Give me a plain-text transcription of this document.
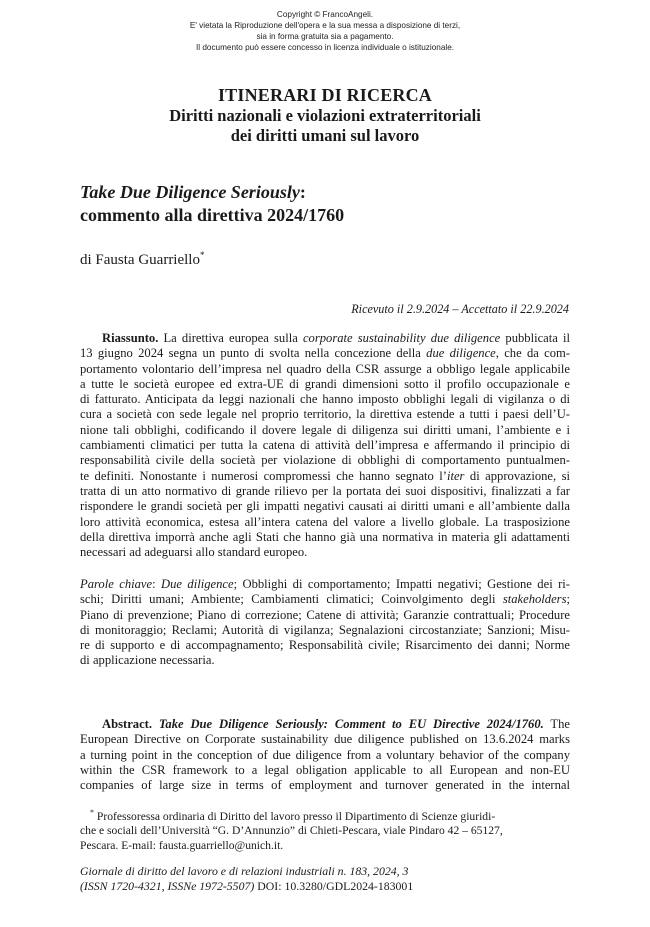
Copyright © FrancoAngeli.
E' vietata la Riproduzione dell'opera e la sua messa a disposizione di terzi,
sia in forma gratuita sia a pagamento.
Il documento può essere concesso in licenza individuale o istituzionale.
ITINERARI DI RICERCA
Diritti nazionali e violazioni extraterritoriali
dei diritti umani sul lavoro
Take Due Diligence Seriously:
commento alla direttiva 2024/1760
di Fausta Guarriello*
Ricevuto il 2.9.2024 – Accettato il 22.9.2024
Riassunto. La direttiva europea sulla corporate sustainability due diligence pubblicata il
13 giugno 2024 segna un punto di svolta nella concezione della due diligence, che da com-
portamento volontario dell’impresa nel quadro della CSR assurge a obbligo legale applicabile
a tutte le società europee ed extra-UE di grandi dimensioni sotto il profilo occupazionale e
di fatturato. Anticipata da leggi nazionali che hanno imposto obblighi legali di vigilanza o di
cura a società con sede legale nel proprio territorio, la direttiva estende a tutti i paesi dell’U-
nione tali obblighi, codificando il dovere legale di diligenza sui diritti umani, l’ambiente e i
cambiamenti climatici per tutta la catena di attività dell’impresa e affermando il principio di
responsabilità civile della società per violazione di obblighi di comportamento puntualmen-
te definiti. Nonostante i numerosi compromessi che hanno segnato l’iter di approvazione, si
tratta di un atto normativo di grande rilievo per la portata dei suoi dispositivi, finalizzati a far
rispondere le grandi società per gli impatti negativi causati ai diritti umani e all’ambiente dalla
loro attività economica, estesa all’intera catena del valore a livello globale. La trasposizione
della direttiva imporrà anche agli Stati che hanno già una normativa in materia gli adattamenti
necessari ad adeguarsi allo standard europeo.
Parole chiave: Due diligence; Obblighi di comportamento; Impatti negativi; Gestione dei ri-
schi; Diritti umani; Ambiente; Cambiamenti climatici; Coinvolgimento degli stakeholders;
Piano di prevenzione; Piano di correzione; Catene di attività; Garanzie contrattuali; Procedure
di monitoraggio; Reclami; Autorità di vigilanza; Segnalazioni circostanziate; Sanzioni; Misu-
re di supporto e di accompagnamento; Responsabilità civile; Risarcimento dei danni; Norme
di applicazione necessaria.
Abstract. Take Due Diligence Seriously: Comment to EU Directive 2024/1760. The
European Directive on Corporate sustainability due diligence published on 13.6.2024 marks
a turning point in the conception of due diligence from a voluntary behavior of the company
within the CSR framework to a legal obligation applicable to all European and non-EU
companies of large size in terms of employment and turnover generated in the internal
* Professoressa ordinaria di Diritto del lavoro presso il Dipartimento di Scienze giuridi-
che e sociali dell’Università “G. D’Annunzio” di Chieti-Pescara, viale Pindaro 42 – 65127,
Pescara. E-mail: fausta.guarriello@unich.it.
Giornale di diritto del lavoro e di relazioni industriali n. 183, 2024, 3
(ISSN 1720-4321, ISSNe 1972-5507) DOI: 10.3280/GDL2024-183001
